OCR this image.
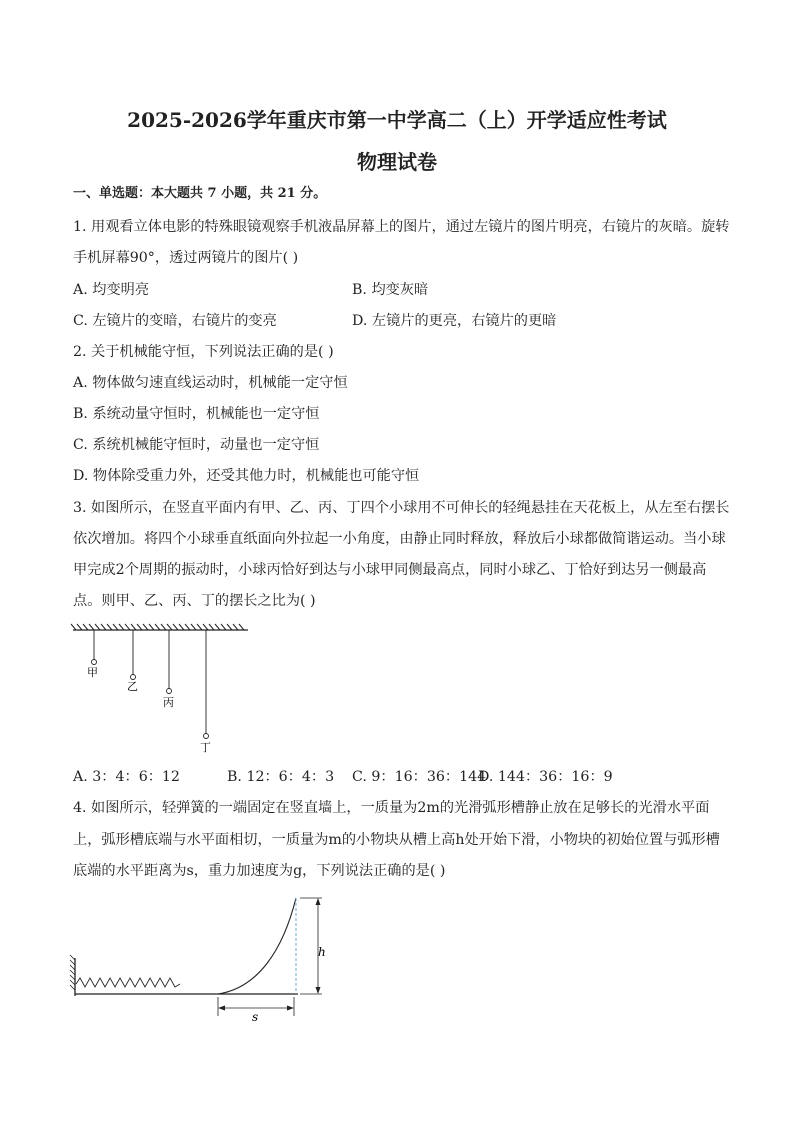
2025-2026学年重庆市第一中学高二（上）开学适应性考试
物理试卷
一、单选题：本大题共 7 小题，共 21 分。
1. 用观看立体电影的特殊眼镜观察手机液晶屏幕上的图片，通过左镜片的图片明亮，右镜片的灰暗。旋转
手机屏幕90°，透过两镜片的图片( )
A. 均变明亮	B. 均变灰暗
C. 左镜片的变暗，右镜片的变亮	D. 左镜片的更亮，右镜片的更暗
2. 关于机械能守恒，下列说法正确的是( )
A. 物体做匀速直线运动时，机械能一定守恒
B. 系统动量守恒时，机械能也一定守恒
C. 系统机械能守恒时，动量也一定守恒
D. 物体除受重力外，还受其他力时，机械能也可能守恒
3. 如图所示，在竖直平面内有甲、乙、丙、丁四个小球用不可伸长的轻绳悬挂在天花板上，从左至右摆长
依次增加。将四个小球垂直纸面向外拉起一小角度，由静止同时释放，释放后小球都做简谐运动。当小球
甲完成2个周期的振动时，小球丙恰好到达与小球甲同侧最高点，同时小球乙、丁恰好到达另一侧最高
点。则甲、乙、丙、丁的摆长之比为( )
甲
乙
丙
丁
A. 3：4：6：12	B. 12：6：4：3 C. 9：16：36：144
D. 144：36：16：9
4. 如图所示，轻弹簧的一端固定在竖直墙上，一质量为2m的光滑弧形槽静止放在足够长的光滑水平面
上，弧形槽底端与水平面相切，一质量为m的小物块从槽上高h处开始下滑，小物块的初始位置与弧形槽
底端的水平距离为s，重力加速度为g，下列说法正确的是( )
h
s
